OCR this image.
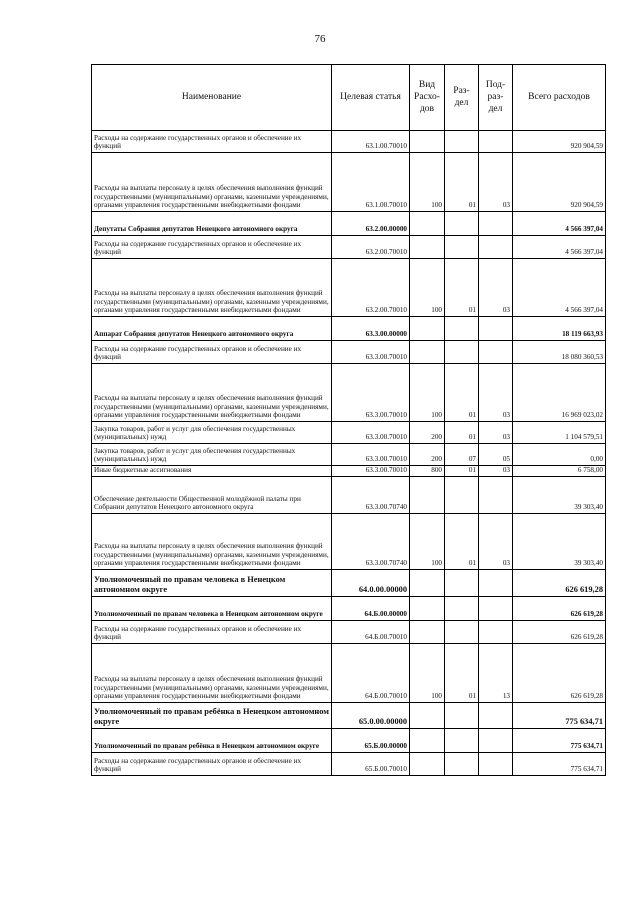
76
Наименование	Целевая статья	Вид Расхо-дов	Раз-дел	Под-раз-дел	Всего расходов
Расходы на содержание государственных органов и обеспечение их функций	63.1.00.70010				920 904,59
Расходы на выплаты персоналу в целях обеспечения выполнения функций государственными (муниципальными) органами, казенными учреждениями, органами управления государственными внебюджетными фондами	63.1.00.70010	100	01	03	920 904,59
Депутаты Собрания депутатов Ненецкого автономного округа	63.2.00.00000				4 566 397,04
Расходы на содержание государственных органов и обеспечение их функций	63.2.00.70010				4 566 397,04
Расходы на выплаты персоналу в целях обеспечения выполнения функций государственными (муниципальными) органами, казенными учреждениями, органами управления государственными внебюджетными фондами	63.2.00.70010	100	01	03	4 566 397,04
Аппарат Собрания депутатов Ненецкого автономного округа	63.3.00.00000				18 119 663,93
Расходы на содержание государственных органов и обеспечение их функций	63.3.00.70010				18 080 360,53
Расходы на выплаты персоналу в целях обеспечения выполнения функций государственными (муниципальными) органами, казенными учреждениями, органами управления государственными внебюджетными фондами	63.3.00.70010	100	01	03	16 969 023,02
Закупка товаров, работ и услуг для обеспечения государственных (муниципальных) нужд	63.3.00.70010	200	01	03	1 104 579,51
Закупка товаров, работ и услуг для обеспечения государственных (муниципальных) нужд	63.3.00.70010	200	07	05	0,00
Иные бюджетные ассигнования	63.3.00.70010	800	01	03	6 758,00
Обеспечение деятельности Общественной молодёжной палаты при Собрании депутатов Ненецкого автономного округа	63.3.00.70740				39 303,40
Расходы на выплаты персоналу в целях обеспечения выполнения функций государственными (муниципальными) органами, казенными учреждениями, органами управления государственными внебюджетными фондами	63.3.00.70740	100	01	03	39 303,40
Уполномоченный по правам человека в Ненецком автономном округе	64.0.00.00000				626 619,28
Уполномоченный по правам человека в Ненецком автономном округе	64.Б.00.00000				626 619,28
Расходы на содержание государственных органов и обеспечение их функций	64.Б.00.70010				626 619,28
Расходы на выплаты персоналу в целях обеспечения выполнения функций государственными (муниципальными) органами, казенными учреждениями, органами управления государственными внебюджетными фондами	64.Б.00.70010	100	01	13	626 619,28
Уполномоченный по правам ребёнка в Ненецком автономном округе	65.0.00.00000				775 634,71
Уполномоченный по правам ребёнка в Ненецком автономном округе	65.Б.00.00000				775 634,71
Расходы на содержание государственных органов и обеспечение их функций	65.Б.00.70010				775 634,71
